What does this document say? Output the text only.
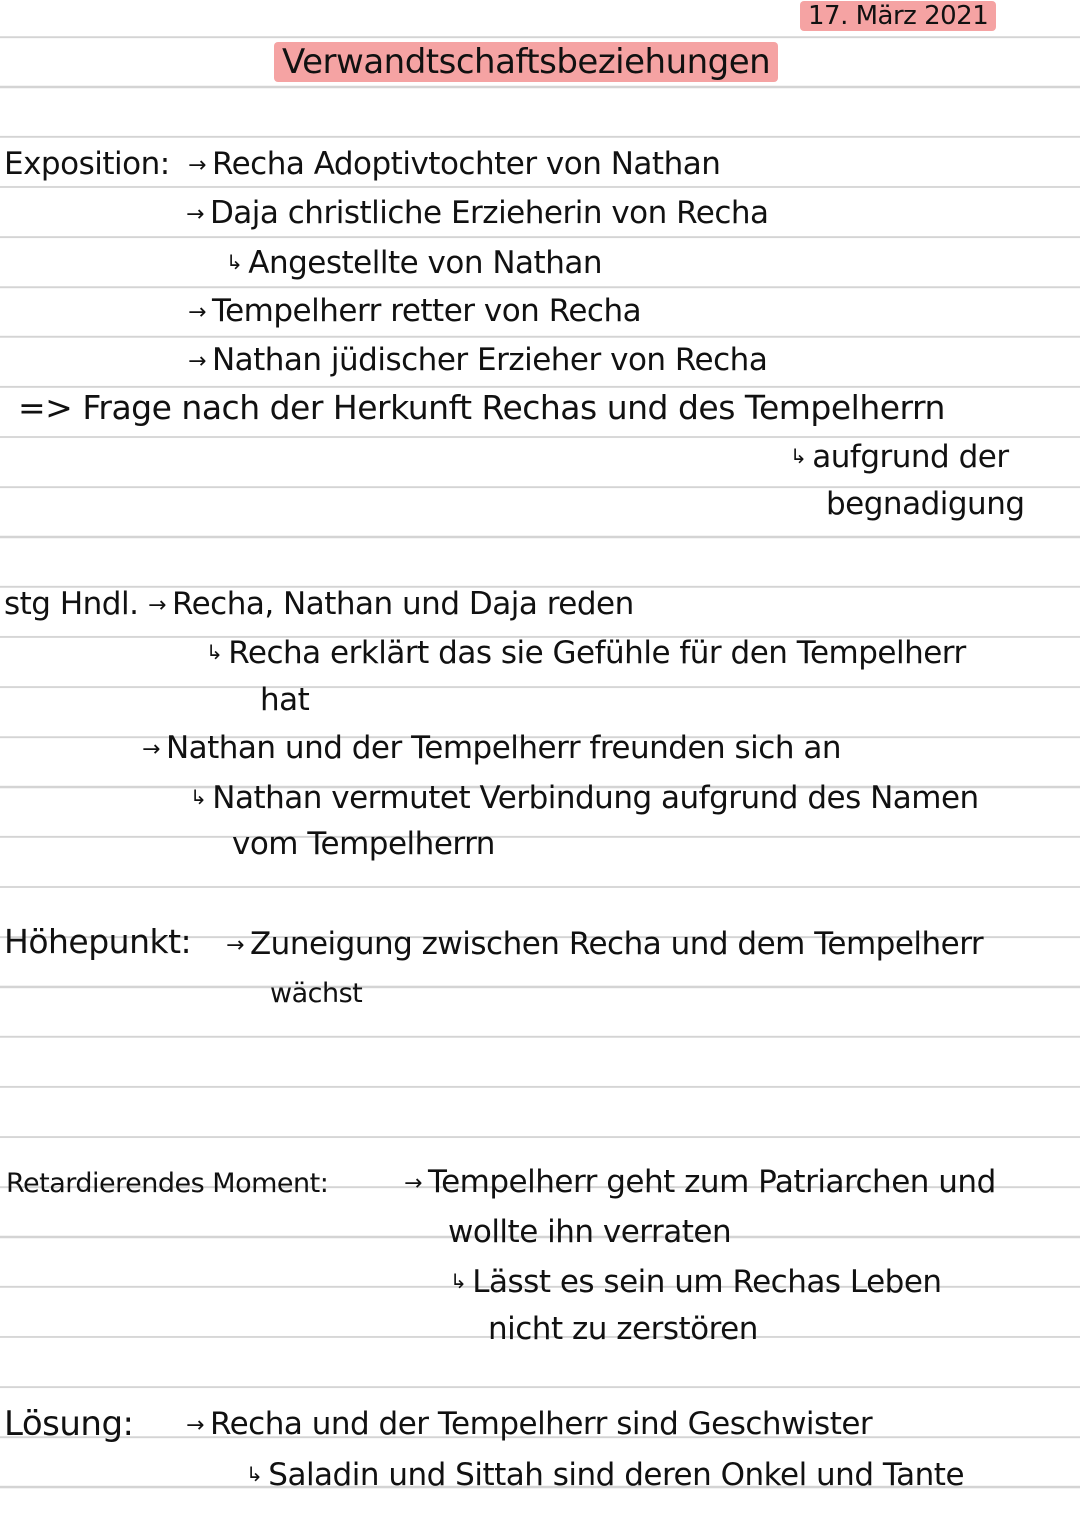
17. März 2021
Verwandtschaftsbeziehungen
Exposition: → Recha Adoptivtochter von Nathan
→ Daja christliche Erzieherin von Recha
↳ Angestellte von Nathan
→ Tempelherr retter von Recha
→ Nathan jüdischer Erzieher von Recha
=> Frage nach der Herkunft Rechas und des Tempelherrn
↳ aufgrund der
begnadigung
stg Hndl. → Recha, Nathan und Daja reden
↳ Recha erklärt das sie Gefühle für den Tempelherr
hat
→ Nathan und der Tempelherr freunden sich an
↳ Nathan vermutet Verbindung aufgrund des Namen
vom Tempelherrn
Höhepunkt: → Zuneigung zwischen Recha und dem Tempelherr
wächst
Retardierendes Moment:	→ Tempelherr geht zum Patriarchen und
wollte ihn verraten
↳ Lässt es sein um Rechas Leben
nicht zu zerstören
Lösung: → Recha und der Tempelherr sind Geschwister
↳ Saladin und Sittah sind deren Onkel und Tante
